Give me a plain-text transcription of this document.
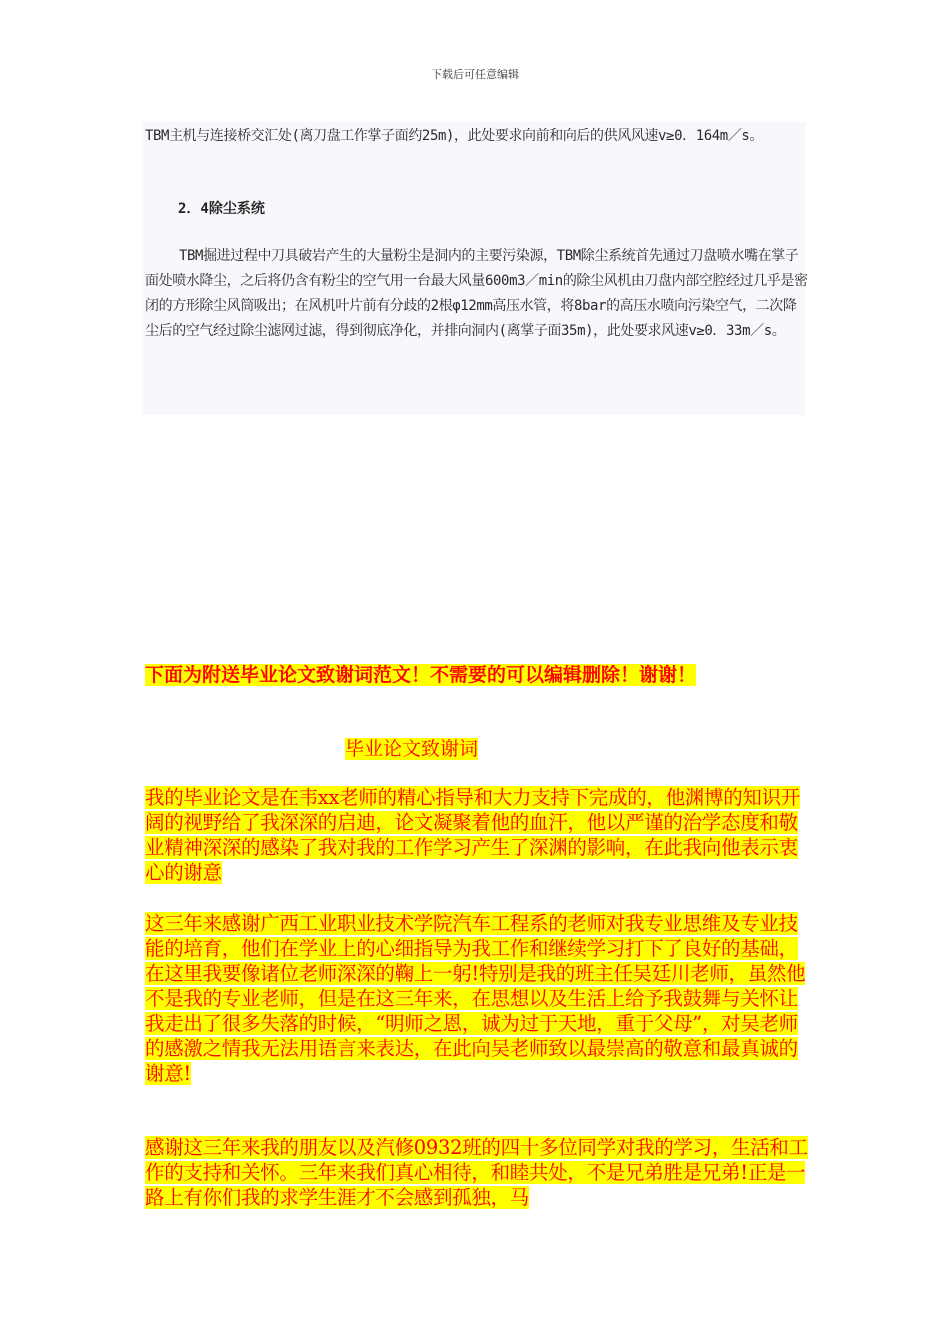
下载后可任意编辑
TBM主机与连接桥交汇处(离刀盘工作掌子面约25m)，此处要求向前和向后的供风风速v≥0．164m／s。
2．4除尘系统
TBM掘进过程中刀具破岩产生的大量粉尘是洞内的主要污染源，TBM除尘系统首先通过刀盘喷水嘴在掌子面处喷水降尘，之后将仍含有粉尘的空气用一台最大风量600m3／min的除尘风机由刀盘内部空腔经过几乎是密闭的方形除尘风筒吸出；在风机叶片前有分歧的2根φ12mm高压水管，将8bar的高压水喷向污染空气，二次降尘后的空气经过除尘滤网过滤，得到彻底净化，并排向洞内(离掌子面35m)，此处要求风速v≥0．33m／s。
下面为附送毕业论文致谢词范文！不需要的可以编辑删除！谢谢！
毕业论文致谢词
我的毕业论文是在韦xx老师的精心指导和大力支持下完成的，他渊博的知识开阔的视野给了我深深的启迪，论文凝聚着他的血汗，他以严谨的治学态度和敬业精神深深的感染了我对我的工作学习产生了深渊的影响，在此我向他表示衷心的谢意
这三年来感谢广西工业职业技术学院汽车工程系的老师对我专业思维及专业技能的培育，他们在学业上的心细指导为我工作和继续学习打下了良好的基础，在这里我要像诸位老师深深的鞠上一躬!特别是我的班主任吴廷川老师，虽然他不是我的专业老师，但是在这三年来，在思想以及生活上给予我鼓舞与关怀让我走出了很多失落的时候，“明师之恩，诚为过于天地，重于父母”，对吴老师的感激之情我无法用语言来表达，在此向吴老师致以最崇高的敬意和最真诚的谢意!
感谢这三年来我的朋友以及汽修0932班的四十多位同学对我的学习，生活和工作的支持和关怀。三年来我们真心相待，和睦共处，不是兄弟胜是兄弟!正是一路上有你们我的求学生涯才不会感到孤独，马
